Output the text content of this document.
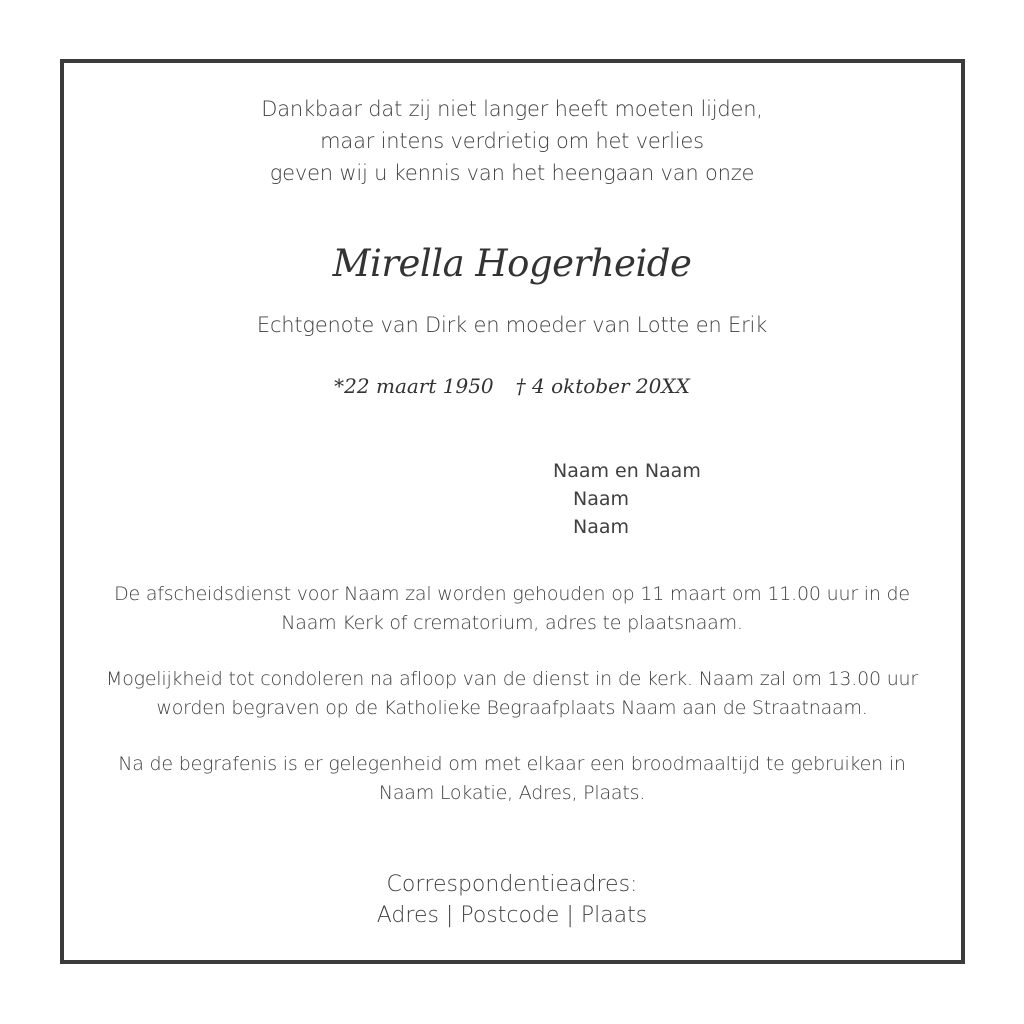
Dankbaar dat zij niet langer heeft moeten lijden,
maar intens verdrietig om het verlies
geven wij u kennis van het heengaan van onze
Mirella Hogerheide
Echtgenote van Dirk en moeder van Lotte en Erik
*22 maart 1950 † 4 oktober 20XX
Naam en Naam
Naam
Naam
De afscheidsdienst voor Naam zal worden gehouden op 11 maart om 11.00 uur in de
Naam Kerk of crematorium, adres te plaatsnaam.
Mogelijkheid tot condoleren na afloop van de dienst in de kerk. Naam zal om 13.00 uur
worden begraven op de Katholieke Begraafplaats Naam aan de Straatnaam.
Na de begrafenis is er gelegenheid om met elkaar een broodmaaltijd te gebruiken in
Naam Lokatie, Adres, Plaats.
Correspondentieadres:
Adres | Postcode | Plaats
